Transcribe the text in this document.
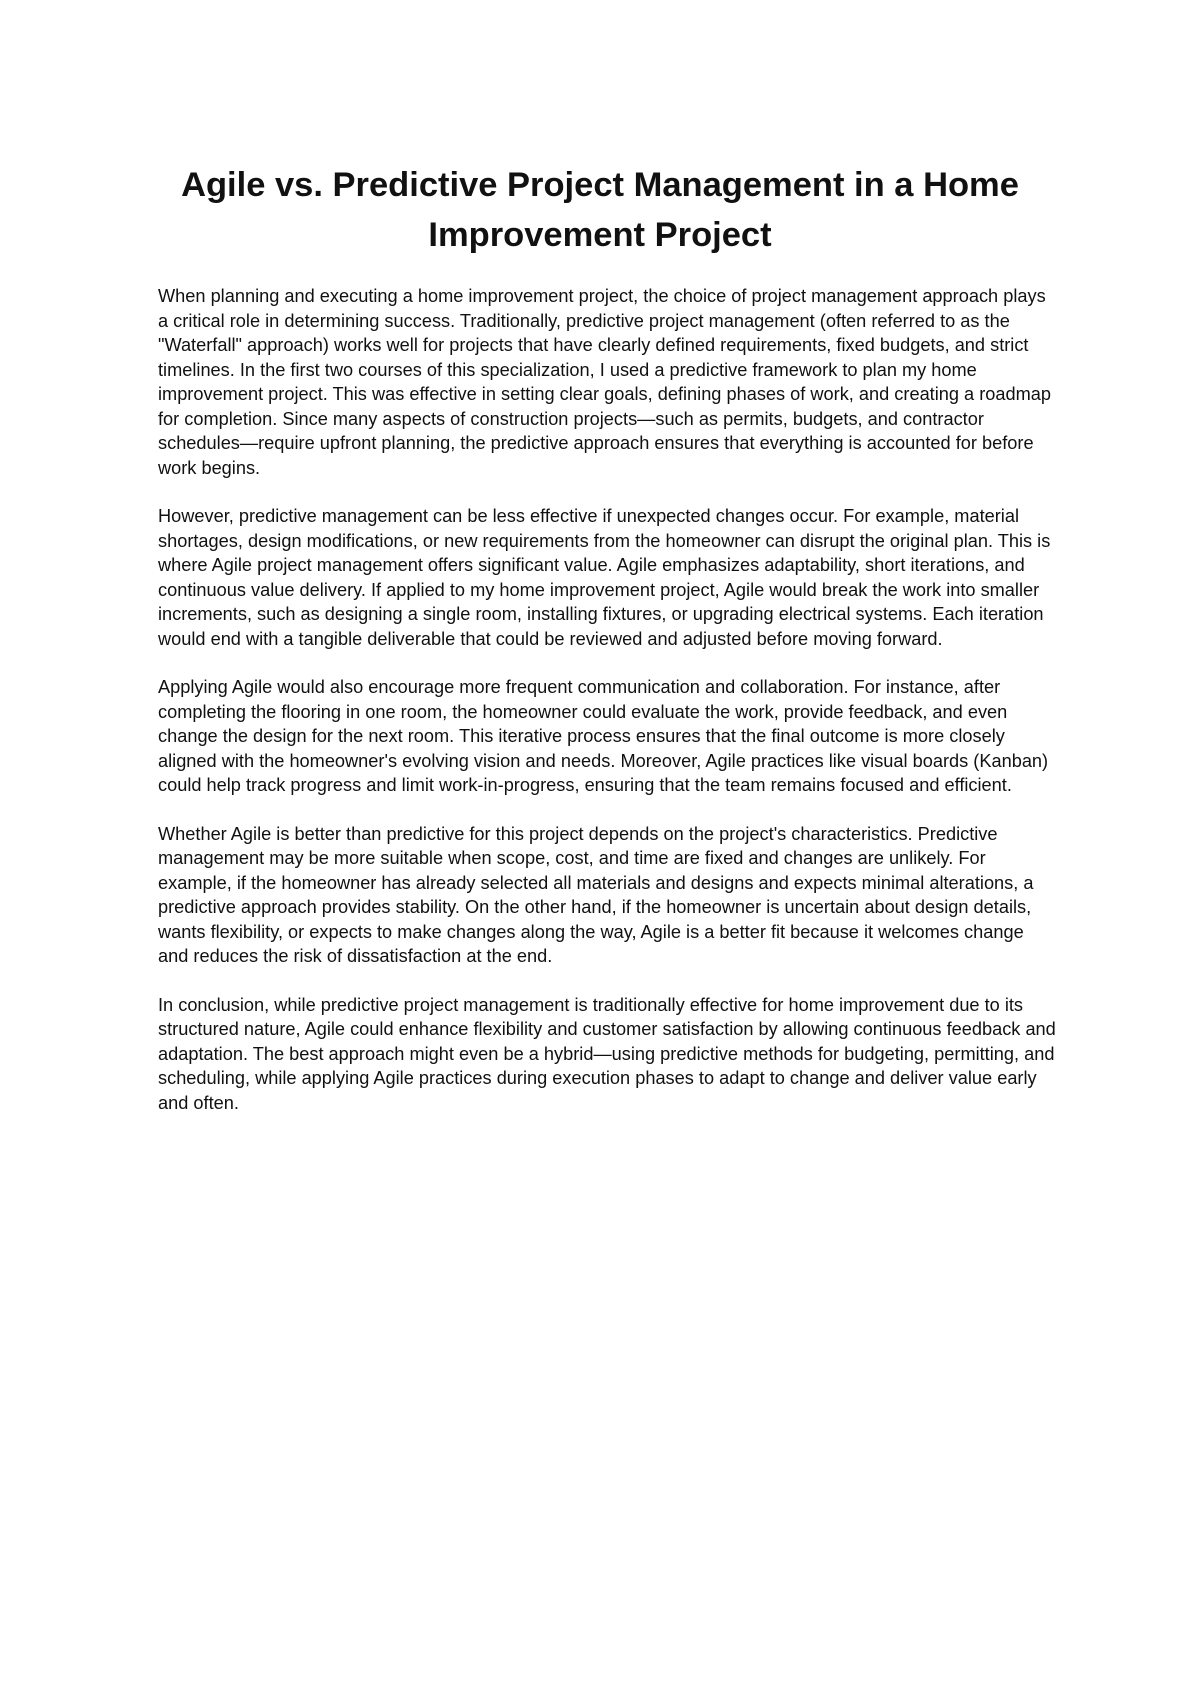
Agile vs. Predictive Project Management in a Home Improvement Project

When planning and executing a home improvement project, the choice of project management approach plays a critical role in determining success. Traditionally, predictive project management (often referred to as the "Waterfall" approach) works well for projects that have clearly defined requirements, fixed budgets, and strict timelines. In the first two courses of this specialization, I used a predictive framework to plan my home improvement project. This was effective in setting clear goals, defining phases of work, and creating a roadmap for completion. Since many aspects of construction projects—such as permits, budgets, and contractor schedules—require upfront planning, the predictive approach ensures that everything is accounted for before work begins.

However, predictive management can be less effective if unexpected changes occur. For example, material shortages, design modifications, or new requirements from the homeowner can disrupt the original plan. This is where Agile project management offers significant value. Agile emphasizes adaptability, short iterations, and continuous value delivery. If applied to my home improvement project, Agile would break the work into smaller increments, such as designing a single room, installing fixtures, or upgrading electrical systems. Each iteration would end with a tangible deliverable that could be reviewed and adjusted before moving forward.

Applying Agile would also encourage more frequent communication and collaboration. For instance, after completing the flooring in one room, the homeowner could evaluate the work, provide feedback, and even change the design for the next room. This iterative process ensures that the final outcome is more closely aligned with the homeowner's evolving vision and needs. Moreover, Agile practices like visual boards (Kanban) could help track progress and limit work-in-progress, ensuring that the team remains focused and efficient.

Whether Agile is better than predictive for this project depends on the project's characteristics. Predictive management may be more suitable when scope, cost, and time are fixed and changes are unlikely. For example, if the homeowner has already selected all materials and designs and expects minimal alterations, a predictive approach provides stability. On the other hand, if the homeowner is uncertain about design details, wants flexibility, or expects to make changes along the way, Agile is a better fit because it welcomes change and reduces the risk of dissatisfaction at the end.

In conclusion, while predictive project management is traditionally effective for home improvement due to its structured nature, Agile could enhance flexibility and customer satisfaction by allowing continuous feedback and adaptation. The best approach might even be a hybrid—using predictive methods for budgeting, permitting, and scheduling, while applying Agile practices during execution phases to adapt to change and deliver value early and often.
